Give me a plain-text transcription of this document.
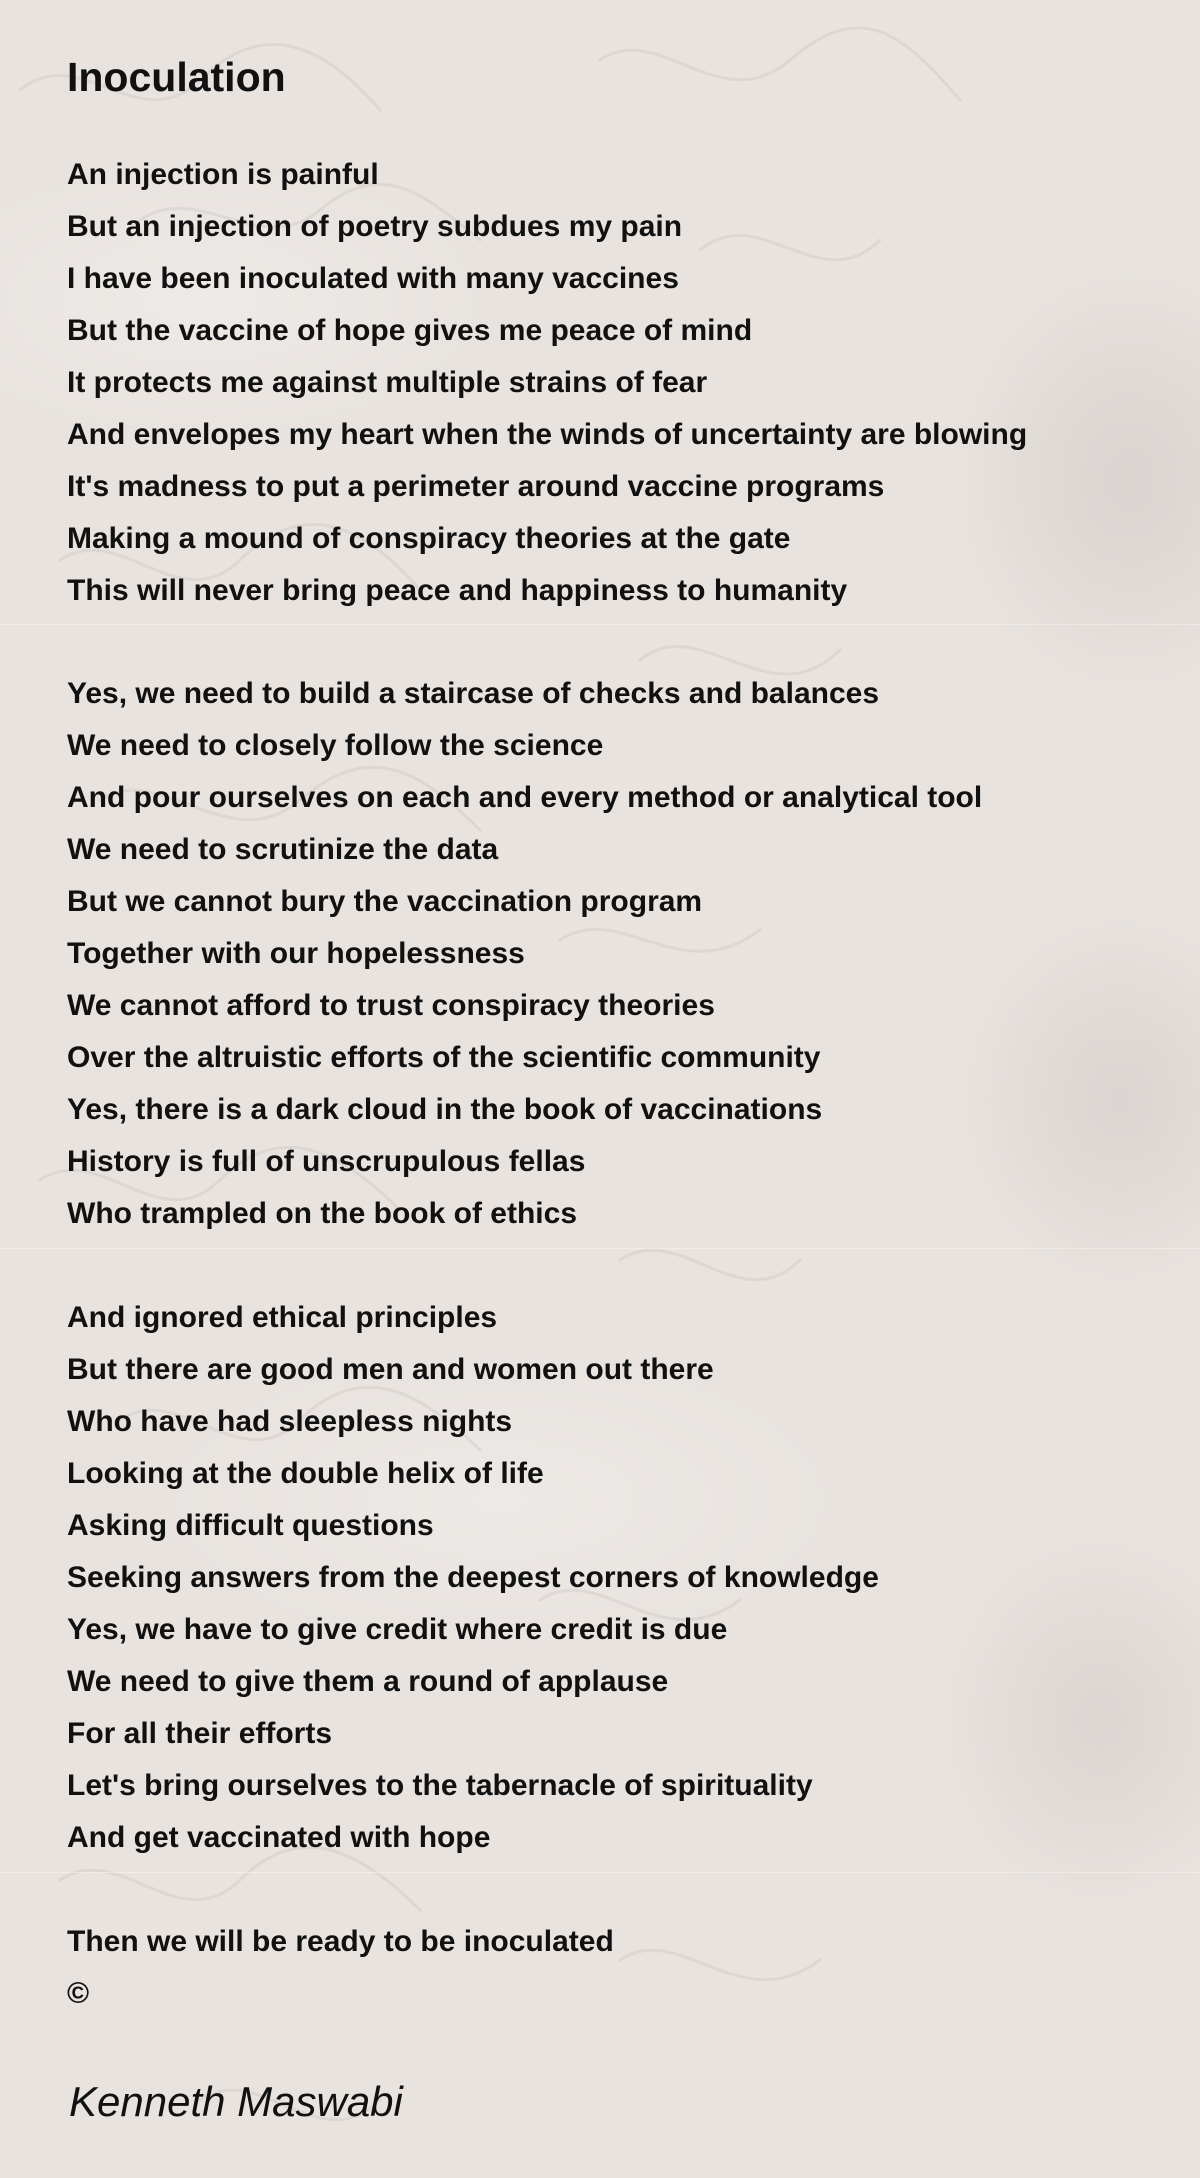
Inoculation
An injection is painful
But an injection of poetry subdues my pain
I have been inoculated with many vaccines
But the vaccine of hope gives me peace of mind
It protects me against multiple strains of fear
And envelopes my heart when the winds of uncertainty are blowing
It's madness to put a perimeter around vaccine programs
Making a mound of conspiracy theories at the gate
This will never bring peace and happiness to humanity
Yes, we need to build a staircase of checks and balances
We need to closely follow the science
And pour ourselves on each and every method or analytical tool
We need to scrutinize the data
But we cannot bury the vaccination program
Together with our hopelessness
We cannot afford to trust conspiracy theories
Over the altruistic efforts of the scientific community
Yes, there is a dark cloud in the book of vaccinations
History is full of unscrupulous fellas
Who trampled on the book of ethics
And ignored ethical principles
But there are good men and women out there
Who have had sleepless nights
Looking at the double helix of life
Asking difficult questions
Seeking answers from the deepest corners of knowledge
Yes, we have to give credit where credit is due
We need to give them a round of applause
For all their efforts
Let's bring ourselves to the tabernacle of spirituality
And get vaccinated with hope
Then we will be ready to be inoculated
©
Kenneth Maswabi
